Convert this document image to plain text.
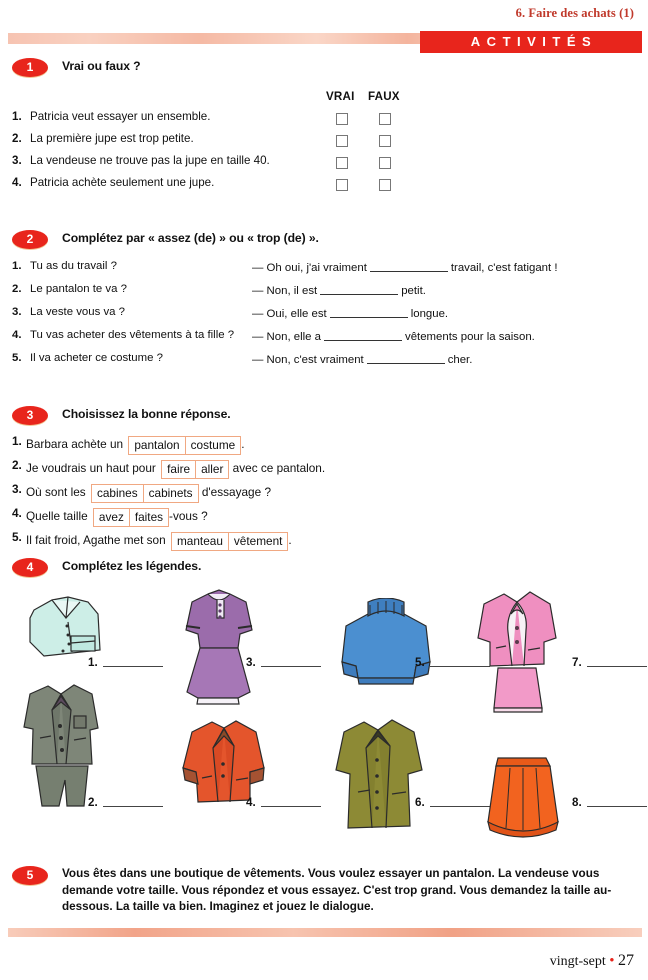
6. Faire des achats (1)
ACTIVITÉS
1	Vrai ou faux ?
VRAI FAUX
1. Patricia veut essayer un ensemble.
2. La première jupe est trop petite.
3. La vendeuse ne trouve pas la jupe en taille 40.
4. Patricia achète seulement une jupe.
2	Complétez par « assez (de) » ou « trop (de) ».
1. Tu as du travail ?	— Oh oui, j'ai vraiment	travail, c'est fatigant !
2. Le pantalon te va ?	— Non, il est	petit.
3. La veste vous va ?	— Oui, elle est	longue.
4. Tu vas acheter des vêtements à ta fille ? — Non, elle a	vêtements pour la saison.
5. Il va acheter ce costume ?	— Non, c'est vraiment	cher.
3	Choisissez la bonne réponse.
1. Barbara achète un pantalon costume .
2. Je voudrais un haut pour faire aller avec ce pantalon.
3. Où sont les cabines cabinets d'essayage ?
4. Quelle taille avez faites -vous ?
5. Il fait froid, Agathe met son manteau vêtement .
4	Complétez les légendes.
1.
2.
3.
4.
5.
6.
7.
8.
5	Vous êtes dans une boutique de vêtements. Vous voulez essayer un pantalon. La vendeuse vous demande votre taille. Vous répondez et vous essayez. C'est trop grand. Vous demandez la taille au-dessous. La taille va bien. Imaginez et jouez le dialogue.
vingt-sept • 27
